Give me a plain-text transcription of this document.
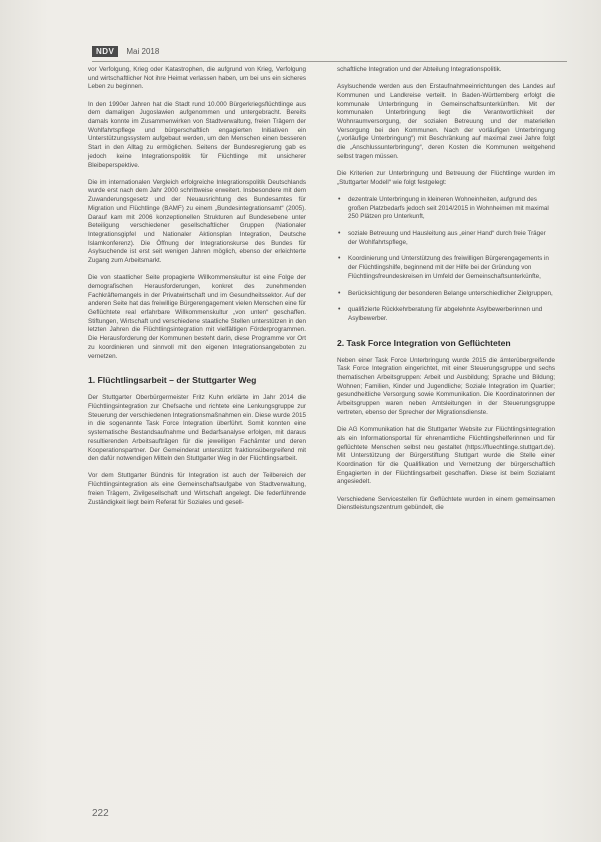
NDV	Mai 2018

vor Verfolgung, Krieg oder Katastrophen, die aufgrund von Krieg, Verfolgung und wirtschaftlicher Not ihre Heimat verlassen haben, um bei uns ein sicheres Leben zu beginnen.

In den 1990er Jahren hat die Stadt rund 10.000 Bürgerkriegsflüchtlinge aus dem damaligen Jugoslawien aufgenommen und untergebracht. Bereits damals konnte im Zusammenwirken von Stadtverwaltung, freien Trägern der Wohlfahrtspflege und bürgerschaftlich engagierten Initiativen ein Unterstützungssystem aufgebaut werden, um den Menschen einen besseren Start in den Alltag zu ermöglichen. Seitens der Bundesregierung gab es jedoch keine Integrationspolitik für Flüchtlinge mit unsicherer Bleibeperspektive.

Die im internationalen Vergleich erfolgreiche Integrationspolitik Deutschlands wurde erst nach dem Jahr 2000 schrittweise erweitert. Insbesondere mit dem Zuwanderungsgesetz und der Neuausrichtung des Bundesamtes für Migration und Flüchtlinge (BAMF) zu einem „Bundesintegrationsamt“ (2005). Darauf kam mit 2006 konzeptionellen Strukturen auf Bundesebene unter Beteiligung verschiedener gesellschaftlicher Gruppen (Nationaler Integrationsgipfel und Nationaler Aktionsplan Integration, Deutsche Islamkonferenz). Die Öffnung der Integrationskurse des Bundes für Asylsuchende ist erst seit wenigen Jahren möglich, ebenso der erleichterte Zugang zum Arbeitsmarkt.

Die von staatlicher Seite propagierte Willkommenskultur ist eine Folge der demografischen Herausforderungen, konkret des zunehmenden Fachkräftemangels in der Privatwirtschaft und im Gesundheitssektor. Auf der anderen Seite hat das freiwillige Bürgerengagement vielen Menschen eine für Geflüchtete real erfahrbare Willkommenskultur „von unten“ geschaffen. Stiftungen, Wirtschaft und verschiedene staatliche Stellen unterstützen in den letzten Jahren die Flüchtlingsintegration mit vielfältigen Förderprogrammen. Die Herausforderung der Kommunen besteht darin, diese Programme vor Ort zu koordinieren und sinnvoll mit den eigenen Integrationsangeboten zu vernetzen.

1. Flüchtlingsarbeit – der Stuttgarter Weg

Der Stuttgarter Oberbürgermeister Fritz Kuhn erklärte im Jahr 2014 die Flüchtlingsintegration zur Chefsache und richtete eine Lenkungsgruppe zur Steuerung der verschiedenen Integrationsmaßnahmen ein. Diese wurde 2015 in die sogenannte Task Force Integration überführt. Somit konnten eine systematische Bestandsaufnahme und Bedarfsanalyse erfolgen, mit daraus resultierenden Arbeitsaufträgen für die jeweiligen Fachämter und deren Kooperationspartner. Der Gemeinderat unterstützt fraktionsübergreifend mit den dafür notwendigen Mitteln den Stuttgarter Weg in der Flüchtlingsarbeit.

Vor dem Stuttgarter Bündnis für Integration ist auch der Teilbereich der Flüchtlingsintegration als eine Gemeinschaftsaufgabe von Stadtverwaltung, freien Trägern, Zivilgesellschaft und Wirtschaft angelegt. Die federführende Zuständigkeit liegt beim Referat für Soziales und gesell-

schaftliche Integration und der Abteilung Integrationspolitik.

Asylsuchende werden aus den Erstaufnahmeeinrichtungen des Landes auf Kommunen und Landkreise verteilt. In Baden-Württemberg erfolgt die kommunale Unterbringung in Gemeinschaftsunterkünften. Mit der kommunalen Unterbringung liegt die Verantwortlichkeit der Wohnraumversorgung, der sozialen Betreuung und der materiellen Versorgung bei den Kommunen. Nach der vorläufigen Unterbringung („vorläufige Unterbringung“) mit Beschränkung auf maximal zwei Jahre folgt die „Anschlussunterbringung“, deren Kosten die Kommunen weitgehend selbst tragen müssen.

Die Kriterien zur Unterbringung und Betreuung der Flüchtlinge wurden im „Stuttgarter Modell“ wie folgt festgelegt:

• dezentrale Unterbringung in kleineren Wohneinheiten, aufgrund des großen Platzbedarfs jedoch seit 2014/2015 in Wohnheimen mit maximal 250 Plätzen pro Unterkunft,
• soziale Betreuung und Hausleitung aus „einer Hand“ durch freie Träger der Wohlfahrtspflege,
• Koordinierung und Unterstützung des freiwilligen Bürgerengagements in der Flüchtlingshilfe, beginnend mit der Hilfe bei der Gründung von Flüchtlingsfreundeskreisen im Umfeld der Gemeinschaftsunterkünfte,
• Berücksichtigung der besonderen Belange unterschiedlicher Zielgruppen,
• qualifizierte Rückkehrberatung für abgelehnte Asylbewerberinnen und Asylbewerber.
2. Task Force Integration von Geflüchteten

Neben einer Task Force Unterbringung wurde 2015 die ämterübergreifende Task Force Integration eingerichtet, mit einer Steuerungsgruppe und sechs thematischen Arbeitsgruppen: Arbeit und Ausbildung; Sprache und Bildung; Wohnen; Familien, Kinder und Jugendliche; Soziale Integration im Quartier; gesundheitliche Versorgung sowie Kommunikation. Die Koordinatorinnen der Arbeitsgruppen waren neben Amtsleitungen in der Steuerungsgruppe vertreten, ebenso der Sprecher der Migrationsdienste.

Die AG Kommunikation hat die Stuttgarter Website zur Flüchtlingsintegration als ein Informationsportal für ehrenamtliche Flüchtlingshelferinnen und für geflüchtete Menschen selbst neu gestaltet (https://fluechtlinge.stuttgart.de). Mit Unterstützung der Bürgerstiftung Stuttgart wurde die Stelle einer Koordination für die Qualifikation und Vernetzung der bürgerschaftlich Engagierten in der Flüchtlingsarbeit geschaffen. Diese ist beim Sozialamt angesiedelt.

Verschiedene Servicestellen für Geflüchtete wurden in einem gemeinsamen Dienstleistungszentrum gebündelt, die

222
